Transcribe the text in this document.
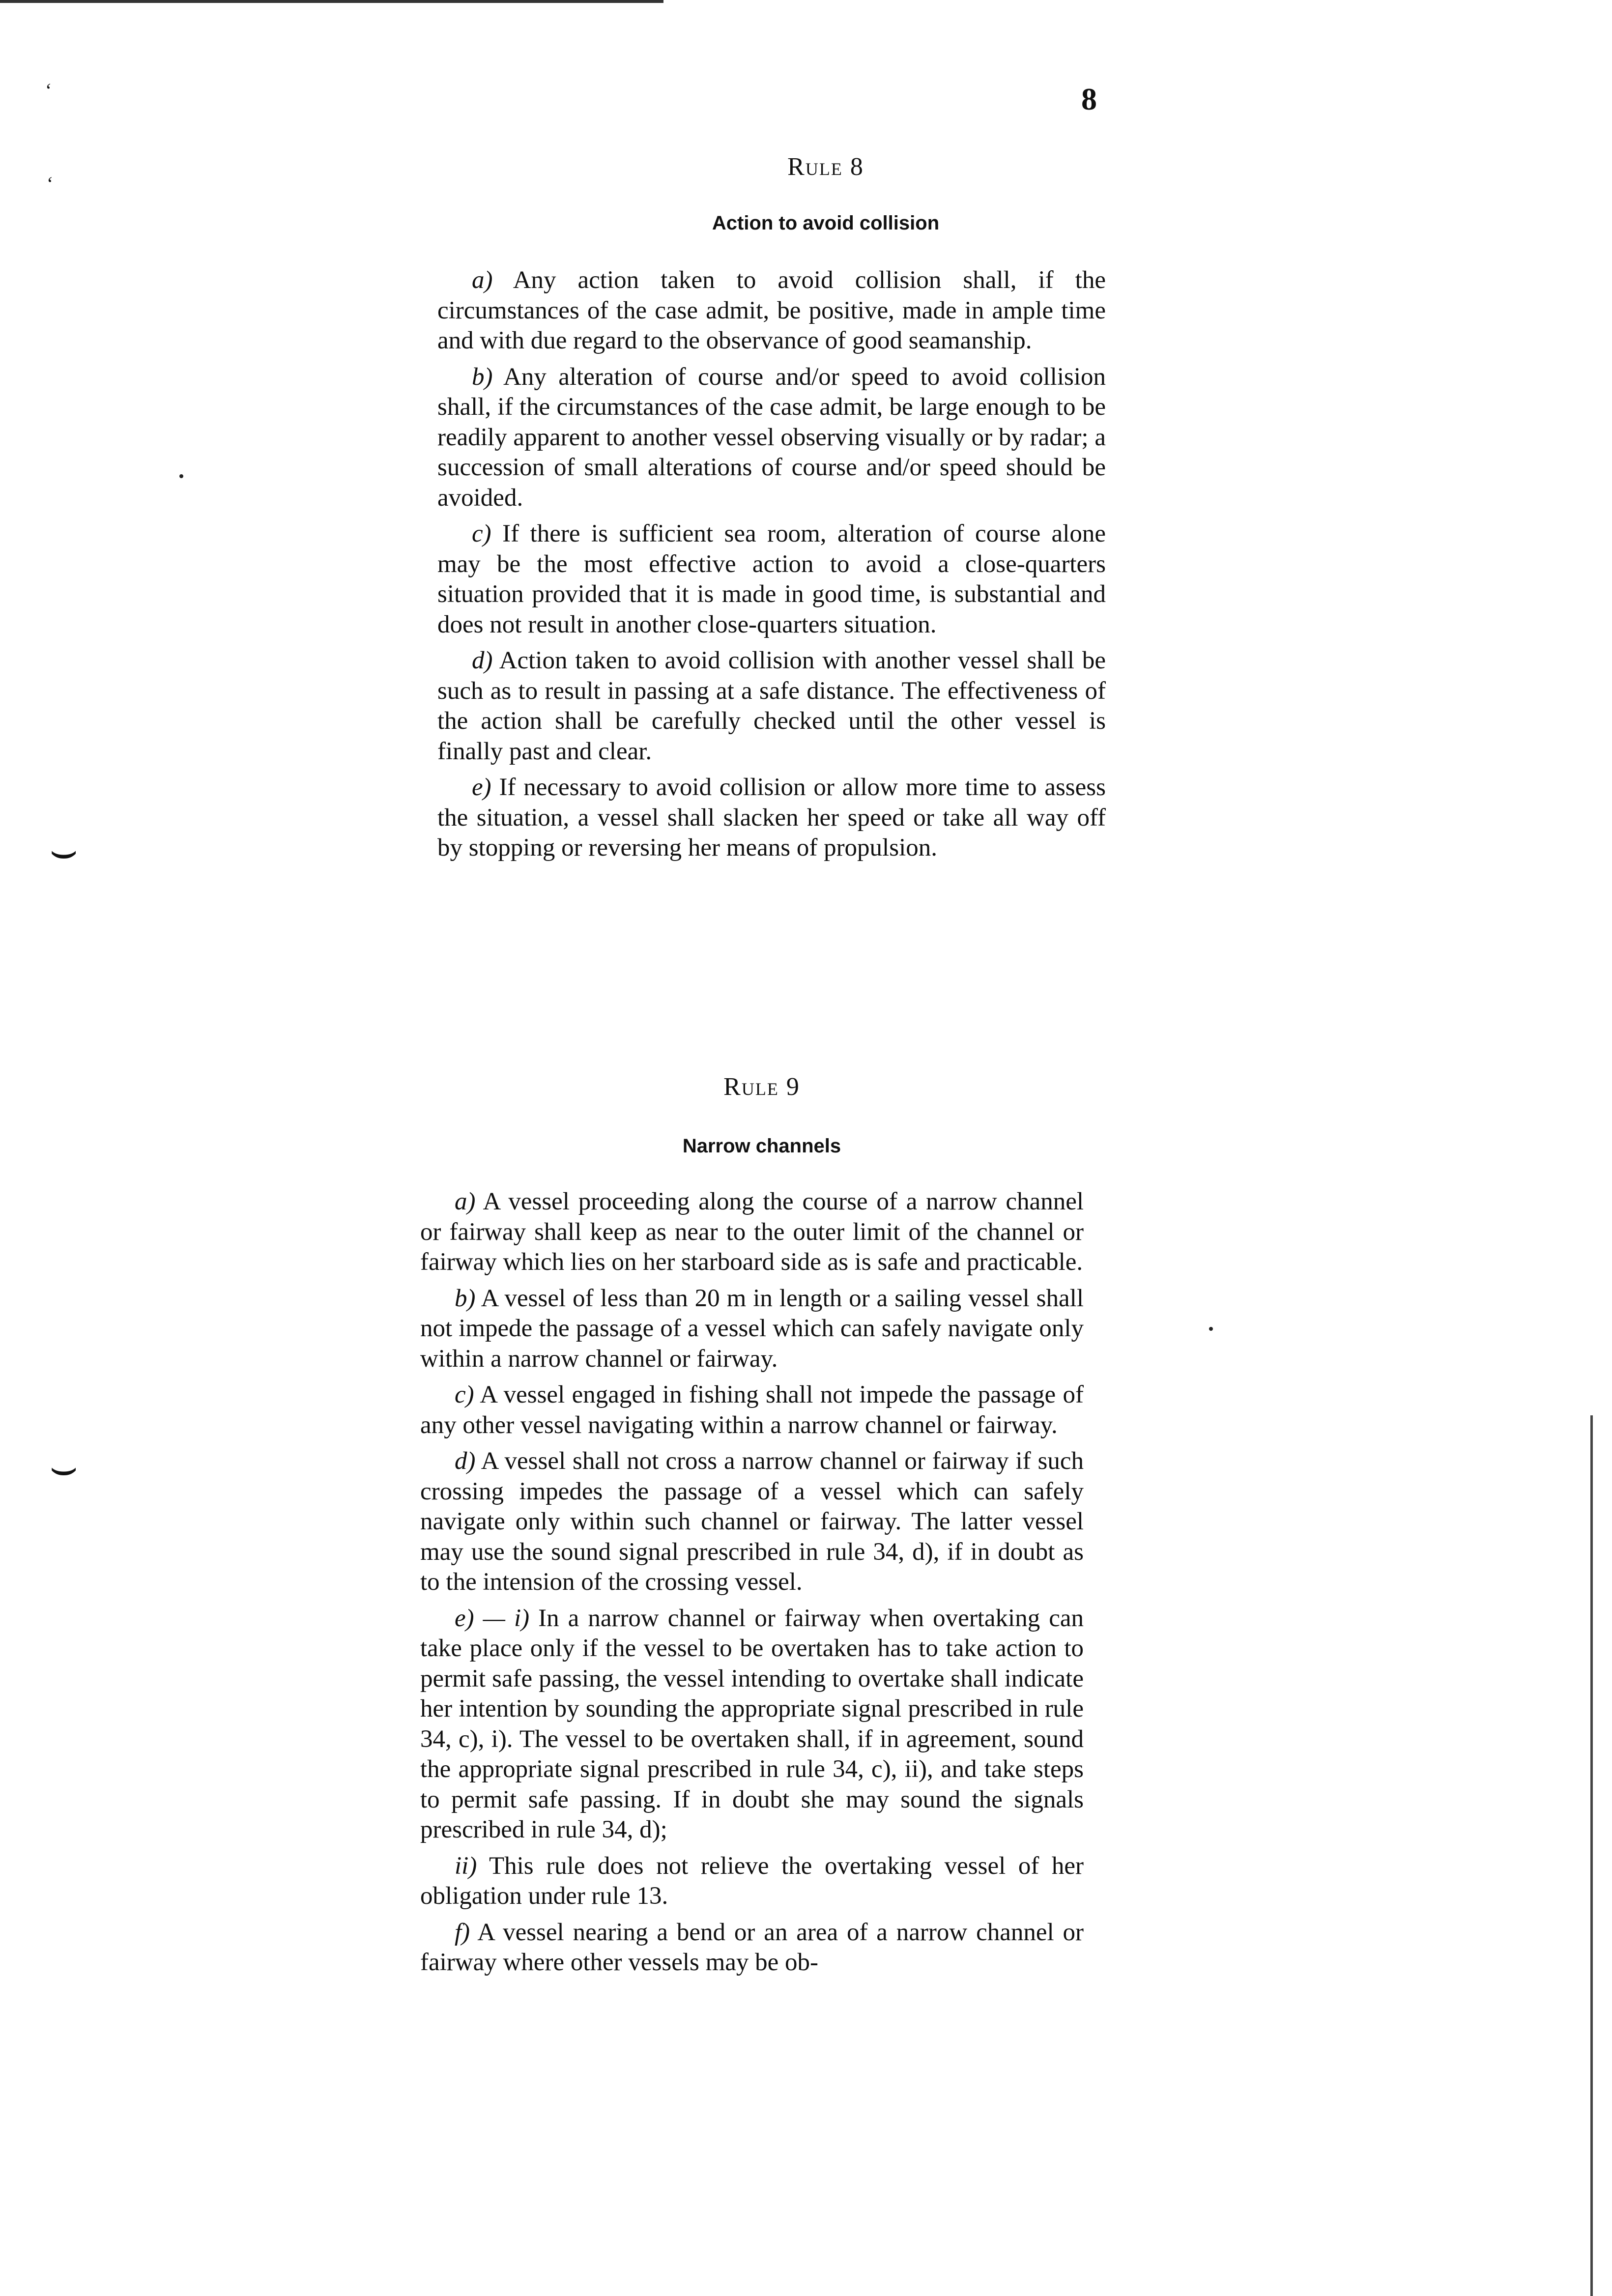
‘
‘
⌣
⌣
8
Rule 8
Action to avoid collision

a) Any action taken to avoid collision shall, if the circumstances of the case admit, be positive, made in ample time and with due regard to the observance of good seamanship.

b) Any alteration of course and/or speed to avoid collision shall, if the circumstances of the case admit, be large enough to be readily apparent to another vessel observing visually or by radar; a succession of small alterations of course and/or speed should be avoided.

c) If there is sufficient sea room, alteration of course alone may be the most effective action to avoid a close-quarters situation provided that it is made in good time, is substantial and does not result in another close-quarters situation.

d) Action taken to avoid collision with another vessel shall be such as to result in passing at a safe distance. The effectiveness of the action shall be carefully checked until the other vessel is finally past and clear.

e) If necessary to avoid collision or allow more time to assess the situation, a vessel shall slacken her speed or take all way off by stopping or reversing her means of propulsion.

Rule 9
Narrow channels

a) A vessel proceeding along the course of a narrow channel or fairway shall keep as near to the outer limit of the channel or fairway which lies on her starboard side as is safe and practicable.

b) A vessel of less than 20 m in length or a sailing vessel shall not impede the passage of a vessel which can safely navigate only within a narrow channel or fairway.

c) A vessel engaged in fishing shall not impede the passage of any other vessel navigating within a narrow channel or fairway.

d) A vessel shall not cross a narrow channel or fairway if such crossing impedes the passage of a vessel which can safely navigate only within such channel or fairway. The latter vessel may use the sound signal prescribed in rule 34, d), if in doubt as to the intension of the crossing vessel.

e) — i) In a narrow channel or fairway when overtaking can take place only if the vessel to be overtaken has to take action to permit safe passing, the vessel intending to overtake shall indicate her intention by sounding the appropriate signal prescribed in rule 34, c), i). The vessel to be overtaken shall, if in agreement, sound the appropriate signal prescribed in rule 34, c), ii), and take steps to permit safe passing. If in doubt she may sound the signals prescribed in rule 34, d);

ii) This rule does not relieve the overtaking vessel of her obligation under rule 13.

f) A vessel nearing a bend or an area of a narrow channel or fairway where other vessels may be ob-
